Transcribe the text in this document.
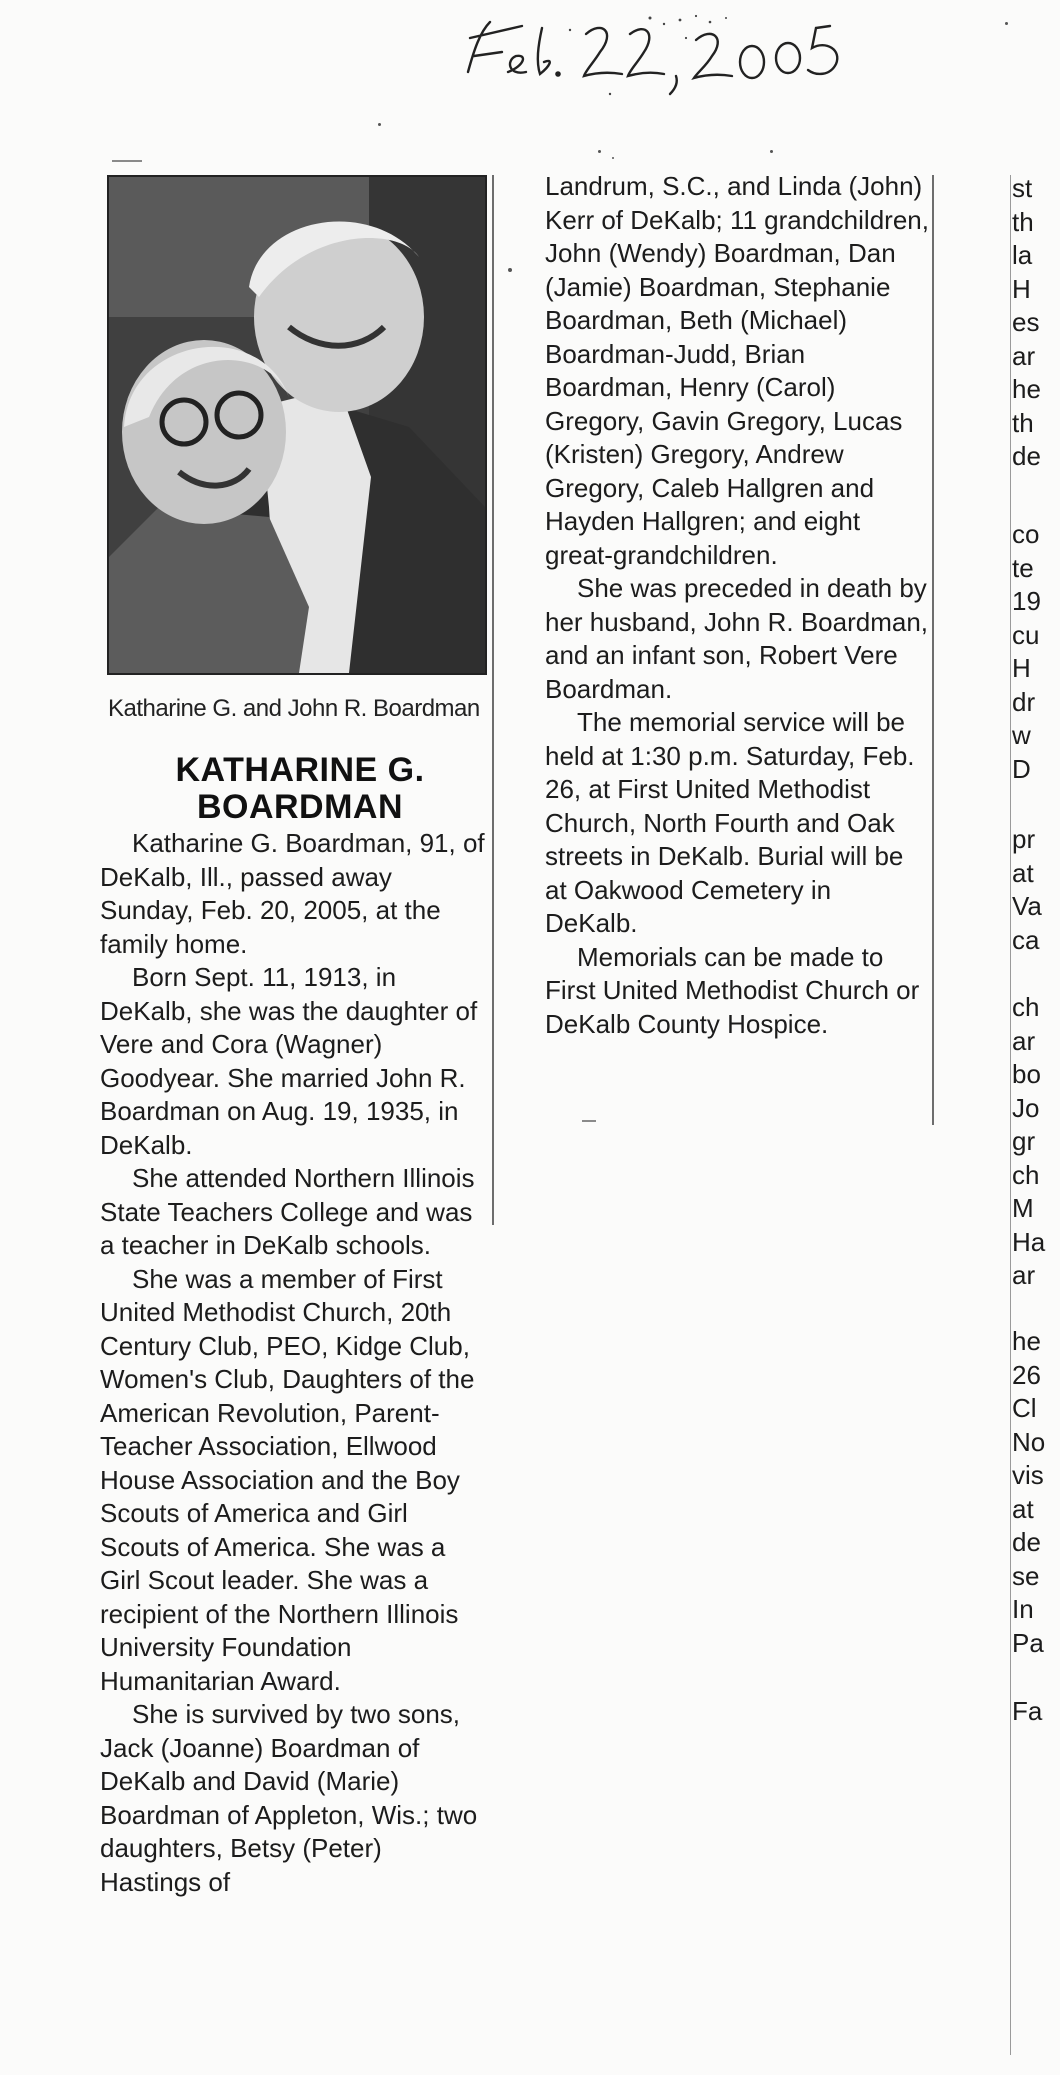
Katharine G. and John R. Boardman
KATHARINE G.
BOARDMAN

Katharine G. Boardman, 91, of DeKalb, Ill., passed away Sunday, Feb. 20, 2005, at the family home.

Born Sept. 11, 1913, in DeKalb, she was the daughter of Vere and Cora (Wagner) Goodyear. She married John R. Boardman on Aug. 19, 1935, in DeKalb.

She attended Northern Illinois State Teachers College and was a teacher in DeKalb schools.

She was a member of First United Methodist Church, 20th Century Club, PEO, Kidge Club, Women's Club, Daughters of the American Revolution, Parent-Teacher Association, Ellwood House Association and the Boy Scouts of America and Girl Scouts of America. She was a Girl Scout leader. She was a recipient of the Northern Illinois University Foundation Humanitarian Award.

She is survived by two sons, Jack (Joanne) Boardman of DeKalb and David (Marie) Boardman of Appleton, Wis.; two daughters, Betsy (Peter) Hastings of

Landrum, S.C., and Linda (John) Kerr of DeKalb; 11 grandchildren, John (Wendy) Boardman, Dan (Jamie) Boardman, Stephanie Boardman, Beth (Michael) Boardman-Judd, Brian Boardman, Henry (Carol) Gregory, Gavin Gregory, Lucas (Kristen) Gregory, Andrew Gregory, Caleb Hallgren and Hayden Hallgren; and eight great-grandchildren.

She was preceded in death by her husband, John R. Boardman, and an infant son, Robert Vere Boardman.

The memorial service will be held at 1:30 p.m. Saturday, Feb. 26, at First United Methodist Church, North Fourth and Oak streets in DeKalb. Burial will be at Oakwood Cemetery in DeKalb.

Memorials can be made to First United Methodist Church or DeKalb County Hospice.

st
th
la
H
es
ar
he
th
de
co
te
19
cu
H
dr
w
D
pr
at
Va
ca
ch
ar
bo
Jo
gr
ch
M
Ha
ar
he
26
Cl
No
vis
at
de
se
In
Pa
Fa
